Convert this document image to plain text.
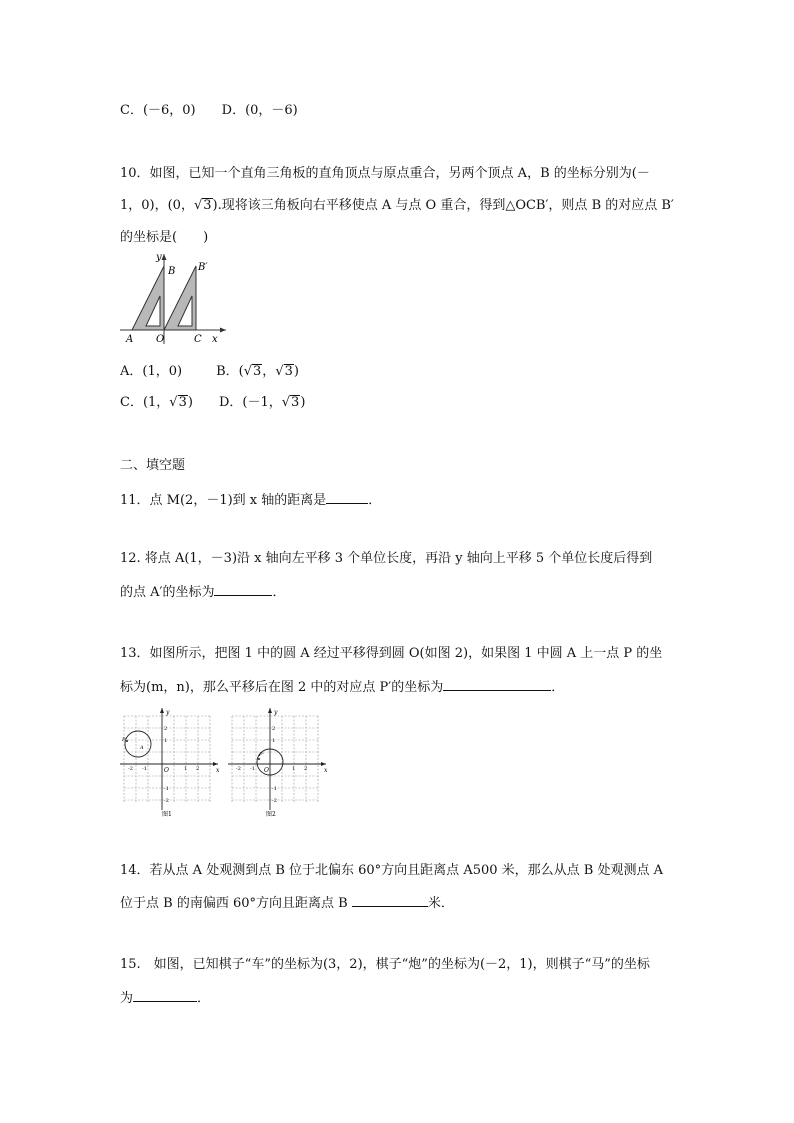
C．(－6，0) D．(0，－6)
10．如图，已知一个直角三角板的直角顶点与原点重合，另两个顶点 A，B 的坐标分别为(－
1，0)，(0，√3).现将该三角板向右平移使点 A 与点 O 重合，得到△OCB′，则点 B 的对应点 B′
的坐标是(　　)
y
B B′
A O	C x
A．(1，0)	B．(√3，√3)
C．(1，√3) D．(－1，√3)
二、填空题
11．点 M(2，－1)到 x 轴的距离是	．
12. 将点 A(1，－3)沿 x 轴向左平移 3 个单位长度，再沿 y 轴向上平移 5 个单位长度后得到
的点 A′的坐标为	．
13．如图所示，把图 1 中的圆 A 经过平移得到圆 O(如图 2)，如果图 1 中圆 A 上一点 P 的坐
标为(m，n)，那么平移后在图 2 中的对应点 P′的坐标为	．
y
x
O
P
A
2
1
-1
-2
-2 -1	1 2
图1
y
x
O
P'
2
1
-1
-2
-2 -1	1 2
图2
14．若从点 A 处观测到点 B 位于北偏东 60°方向且距离点 A500 米，那么从点 B 处观测点 A
位于点 B 的南偏西 60°方向且距离点 B	米．
15.　如图，已知棋子“车”的坐标为(3，2)，棋子“炮”的坐标为(－2，1)，则棋子“马”的坐标
为	．
